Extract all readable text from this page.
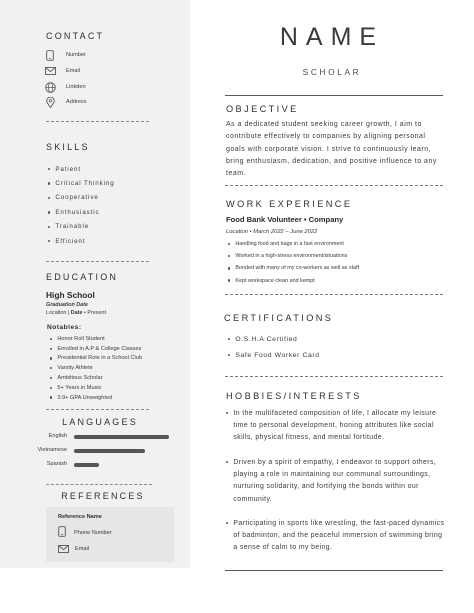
CONTACT
Number
Email
Linkden
Address
SKILLS
Patient
Critical Thinking
Cooperative
Enthusiastic
Trainable
Efficient
EDUCATION
High School
Graduation Date
Location | Date • Present
Notables:
Honor Roll Student
Enrolled in A.P & College Classes
Presidential Role in a School Club
Varsity Athlete
Ambitious Scholar
5+ Years in Music
3.9+ GPA Unweighted
LANGUAGES
English
Vietnamese
Spanish
REFERENCES
Reference Name
Phone Number
Email
NAME
SCHOLAR
OBJECTIVE

As a dedicated student seeking career growth, I aim to contribute effectively to companies by aligning personal goals with corporate vision. I strive to continuously learn, bring enthusiasm, dedication, and positive influence to any team.

WORK EXPERIENCE
Food Bank Volunteer • Company
Location • March 2022 – June 2022
Handling food and bags in a fast environment
Worked in a high-stress environment/situations
Bonded with many of my co-workers as well as staff
Kept workspace clean and kempt
CERTIFICATIONS
O.S.H.A Certified
Safe Food Worker Card
HOBBIES/INTERESTS

In the multifaceted composition of life, I allocate my leisure time to personal development, honing attributes like social skills, physical fitness, and mental fortitude.

Driven by a spirit of empathy, I endeavor to support others, playing a role in maintaining our communal surroundings, nurturing solidarity, and fortifying the bonds within our community.

Participating in sports like wrestling, the fast-paced dynamics of badminton, and the peaceful immersion of swimming bring a sense of calm to my being.
